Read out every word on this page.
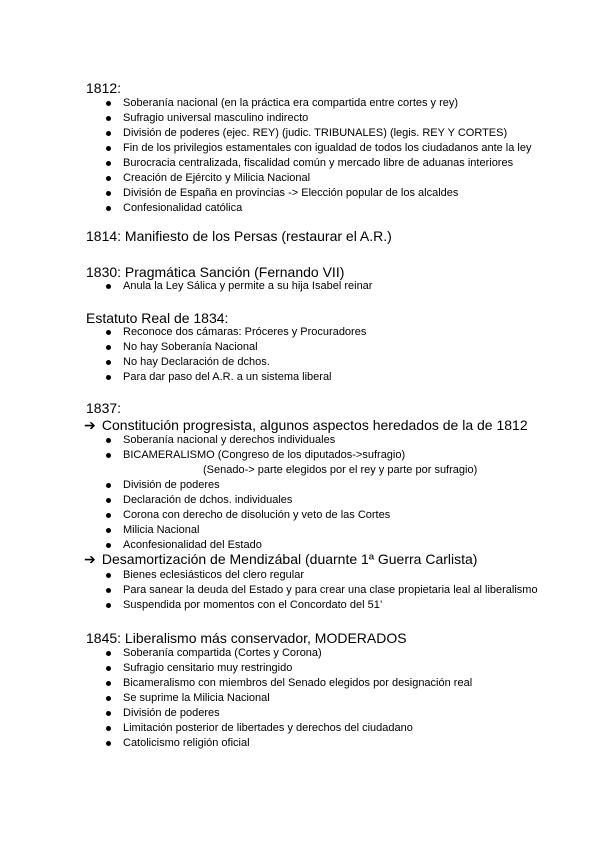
1812:
Soberanía nacional (en la práctica era compartida entre cortes y rey)
Sufragio universal masculino indirecto
División de poderes (ejec. REY) (judic. TRIBUNALES) (legis. REY Y CORTES)
Fin de los privilegios estamentales con igualdad de todos los ciudadanos ante la ley
Burocracia centralizada, fiscalidad común y mercado libre de aduanas interiores
Creación de Ejército y Milicia Nacional
División de España en provincias -> Elección popular de los alcaldes
Confesionalidad católica
1814: Manifiesto de los Persas (restaurar el A.R.)
1830: Pragmática Sanción (Fernando VII)
Anula la Ley Sálica y permite a su hija Isabel reinar
Estatuto Real de 1834:
Reconoce dos cámaras: Próceres y Procuradores
No hay Soberanía Nacional
No hay Declaración de dchos.
Para dar paso del A.R. a un sistema liberal
1837:
➔ Constitución progresista, algunos aspectos heredados de la de 1812
Soberanía nacional y derechos individuales
BICAMERALISMO (Congreso de los diputados->sufragio)
(Senado-> parte elegidos por el rey y parte por sufragio)
División de poderes
Declaración de dchos. individuales
Corona con derecho de disolución y veto de las Cortes
Milicia Nacional
Aconfesionalidad del Estado
➔ Desamortización de Mendizábal (duarnte 1ª Guerra Carlista)
Bienes eclesiásticos del clero regular
Para sanear la deuda del Estado y para crear una clase propietaria leal al liberalismo
Suspendida por momentos con el Concordato del 51’
1845: Liberalismo más conservador, MODERADOS
Soberanía compartida (Cortes y Corona)
Sufragio censitario muy restringido
Bicameralismo con miembros del Senado elegidos por designación real
Se suprime la Milicia Nacional
División de poderes
Limitación posterior de libertades y derechos del ciudadano
Catolicismo religión oficial
